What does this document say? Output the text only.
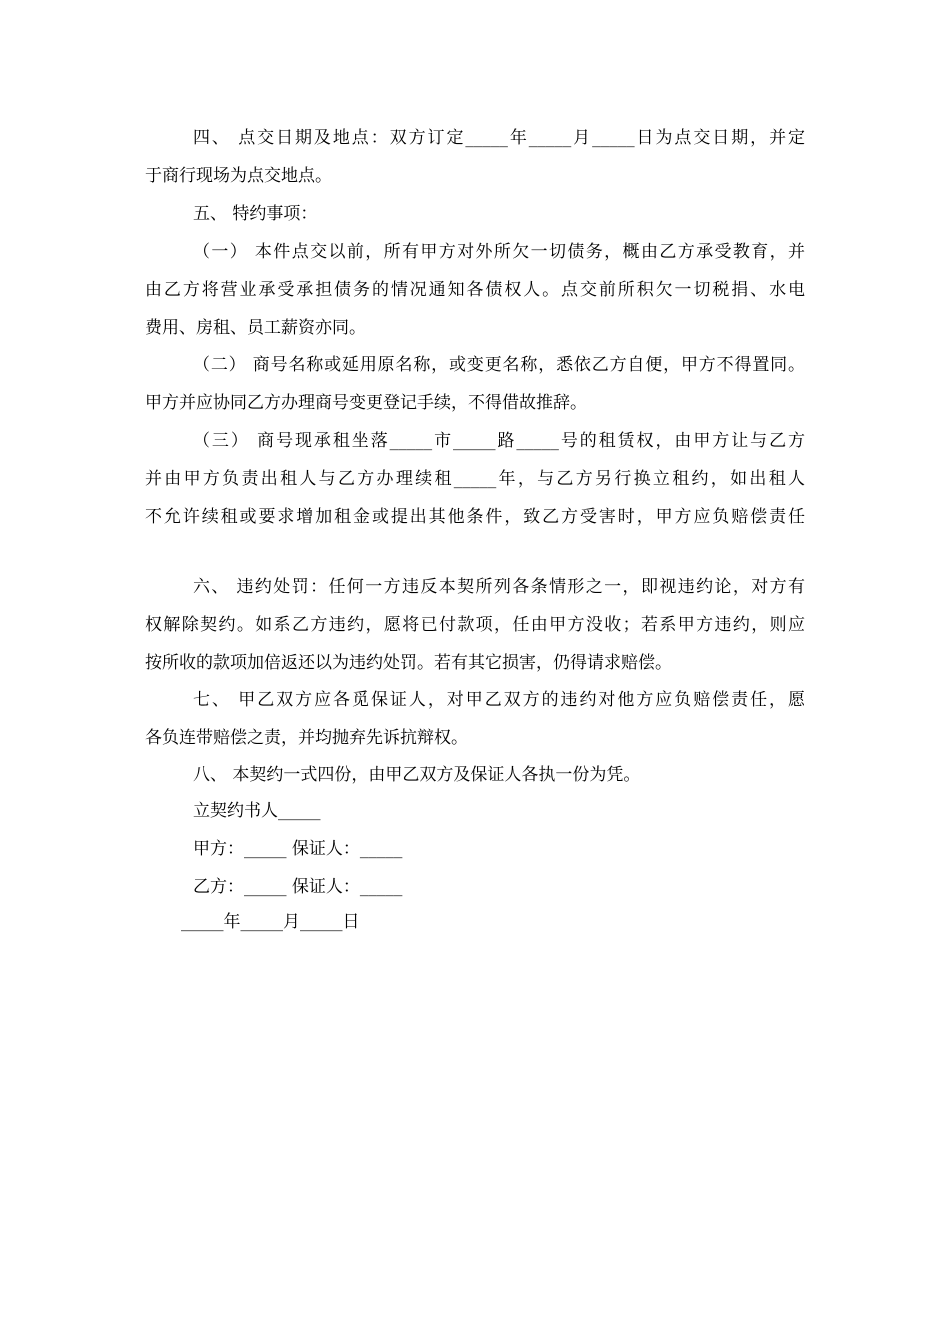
四、 点交日期及地点：双方订定_____年_____月_____日为点交日期，并定
于商行现场为点交地点。
五、 特约事项：
（一） 本件点交以前，所有甲方对外所欠一切债务，概由乙方承受教育，并
由乙方将营业承受承担债务的情况通知各债权人。点交前所积欠一切税捐、水电
费用、房租、员工薪资亦同。
（二） 商号名称或延用原名称，或变更名称，悉依乙方自便，甲方不得置同。
甲方并应协同乙方办理商号变更登记手续，不得借故推辞。
（三） 商号现承租坐落_____市_____路_____号的租赁权，由甲方让与乙方
并由甲方负责出租人与乙方办理续租_____年，与乙方另行换立租约，如出租人
不允许续租或要求增加租金或提出其他条件，致乙方受害时，甲方应负赔偿责任
六、 违约处罚：任何一方违反本契所列各条情形之一，即视违约论，对方有
权解除契约。如系乙方违约，愿将已付款项，任由甲方没收；若系甲方违约，则应
按所收的款项加倍返还以为违约处罚。若有其它损害，仍得请求赔偿。
七、 甲乙双方应各觅保证人，对甲乙双方的违约对他方应负赔偿责任，愿
各负连带赔偿之责，并均抛弃先诉抗辩权。
八、 本契约一式四份，由甲乙双方及保证人各执一份为凭。
立契约书人_____
甲方：_____ 保证人：_____
乙方：_____ 保证人：_____
_____年_____月_____日
